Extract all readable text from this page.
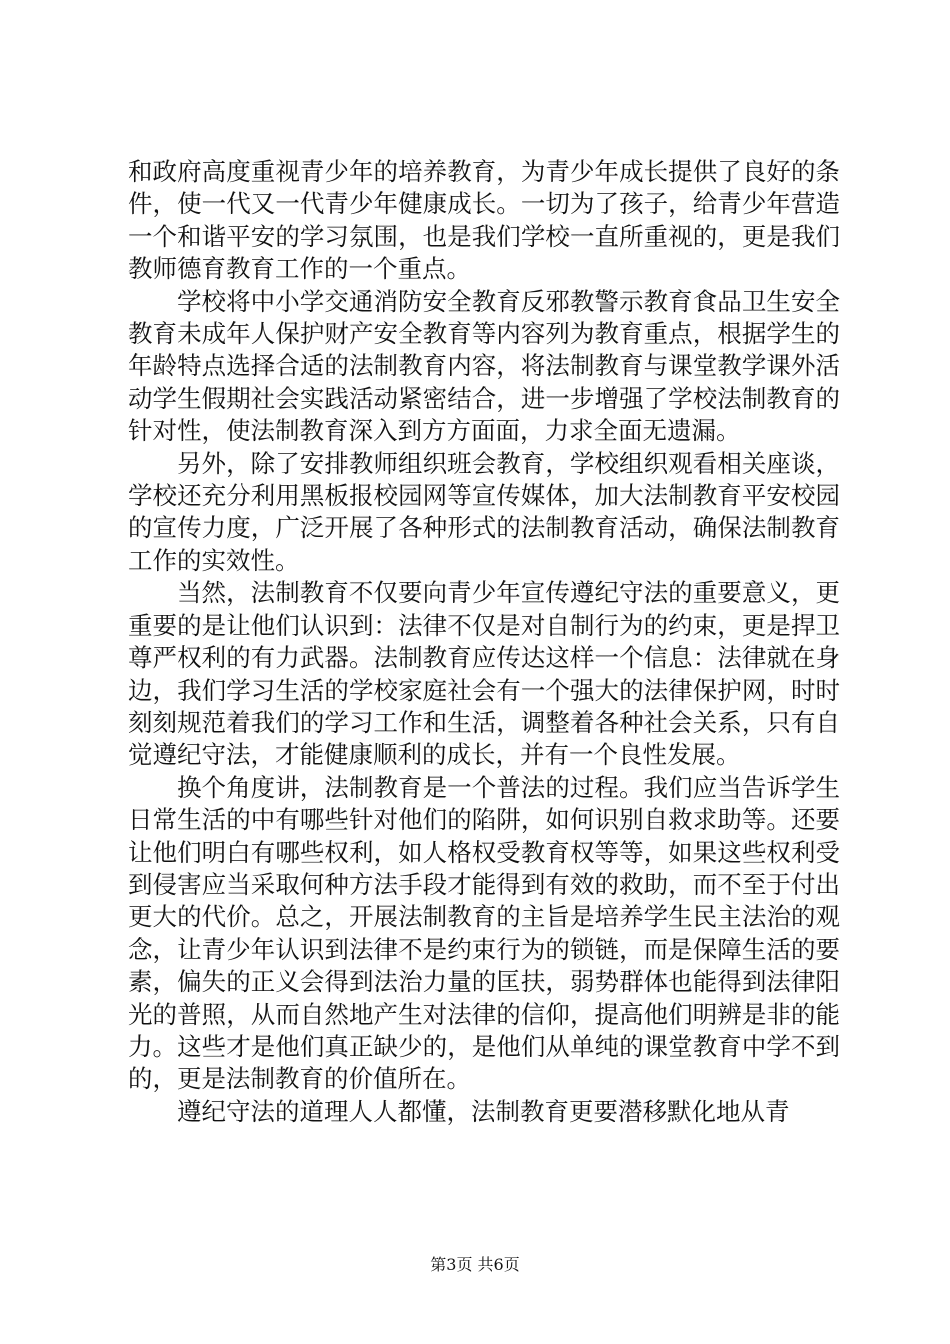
和政府高度重视青少年的培养教育，为青少年成长提供了良好的条件，使一代又一代青少年健康成长。一切为了孩子，给青少年营造一个和谐平安的学习氛围，也是我们学校一直所重视的，更是我们教师德育教育工作的一个重点。

学校将中小学交通消防安全教育反邪教警示教育食品卫生安全教育未成年人保护财产安全教育等内容列为教育重点，根据学生的年龄特点选择合适的法制教育内容，将法制教育与课堂教学课外活动学生假期社会实践活动紧密结合，进一步增强了学校法制教育的针对性，使法制教育深入到方方面面，力求全面无遗漏。

另外，除了安排教师组织班会教育，学校组织观看相关座谈，学校还充分利用黑板报校园网等宣传媒体，加大法制教育平安校园的宣传力度，广泛开展了各种形式的法制教育活动，确保法制教育工作的实效性。

当然，法制教育不仅要向青少年宣传遵纪守法的重要意义，更重要的是让他们认识到：法律不仅是对自制行为的约束，更是捍卫尊严权利的有力武器。法制教育应传达这样一个信息：法律就在身边，我们学习生活的学校家庭社会有一个强大的法律保护网，时时刻刻规范着我们的学习工作和生活，调整着各种社会关系，只有自觉遵纪守法，才能健康顺利的成长，并有一个良性发展。

换个角度讲，法制教育是一个普法的过程。我们应当告诉学生日常生活的中有哪些针对他们的陷阱，如何识别自救求助等。还要让他们明白有哪些权利，如人格权受教育权等等，如果这些权利受到侵害应当采取何种方法手段才能得到有效的救助，而不至于付出更大的代价。总之，开展法制教育的主旨是培养学生民主法治的观念，让青少年认识到法律不是约束行为的锁链，而是保障生活的要素，偏失的正义会得到法治力量的匡扶，弱势群体也能得到法律阳光的普照，从而自然地产生对法律的信仰，提高他们明辨是非的能力。这些才是他们真正缺少的，是他们从单纯的课堂教育中学不到的，更是法制教育的价值所在。

遵纪守法的道理人人都懂，法制教育更要潜移默化地从青

第3页 共6页
